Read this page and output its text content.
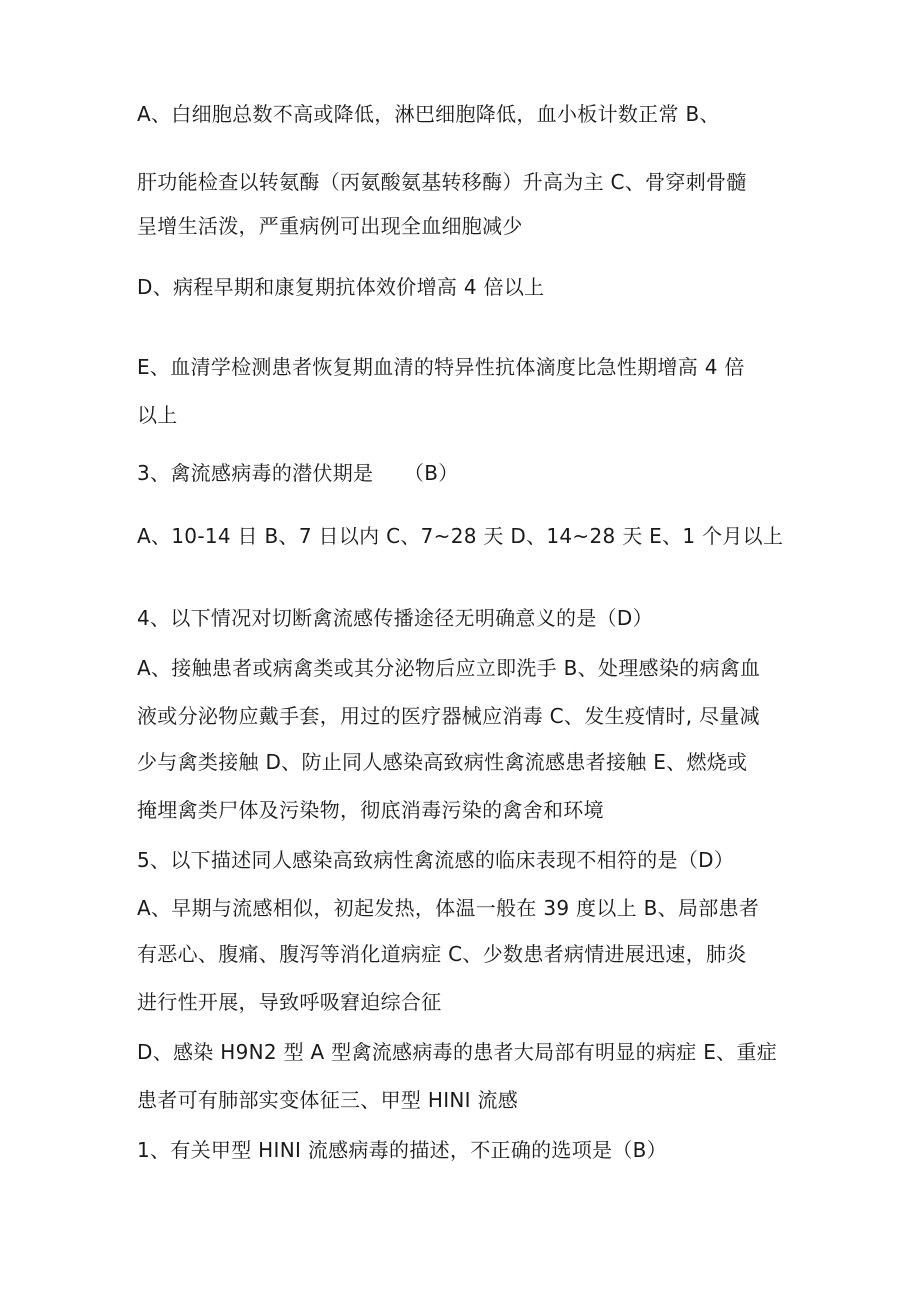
A、白细胞总数不高或降低，淋巴细胞降低，血小板计数正常 B、
肝功能检查以转氨酶（丙氨酸氨基转移酶）升高为主 C、骨穿刺骨髓
呈增生活泼，严重病例可出现全血细胞减少
D、病程早期和康复期抗体效价增高 4 倍以上
E、血清学检测患者恢复期血清的特异性抗体滴度比急性期增高 4 倍
以上
3、禽流感病毒的潜伏期是　　（B）
A、10-14 日 B、7 日以内 C、7~28 天 D、14~28 天 E、1 个月以上
4、以下情况对切断禽流感传播途径无明确意义的是（D）
A、接触患者或病禽类或其分泌物后应立即洗手 B、处理感染的病禽血
液或分泌物应戴手套，用过的医疗器械应消毒 C、发生疫情时, 尽量减
少与禽类接触 D、防止同人感染高致病性禽流感患者接触 E、燃烧或
掩埋禽类尸体及污染物，彻底消毒污染的禽舍和环境
5、以下描述同人感染高致病性禽流感的临床表现不相符的是（D）
A、早期与流感相似，初起发热，体温一般在 39 度以上 B、局部患者
有恶心、腹痛、腹泻等消化道病症 C、少数患者病情进展迅速，肺炎
进行性开展，导致呼吸窘迫综合征
D、感染 H9N2 型 A 型禽流感病毒的患者大局部有明显的病症 E、重症
患者可有肺部实变体征三、甲型 HINI 流感
1、有关甲型 HINI 流感病毒的描述，不正确的选项是（B）
